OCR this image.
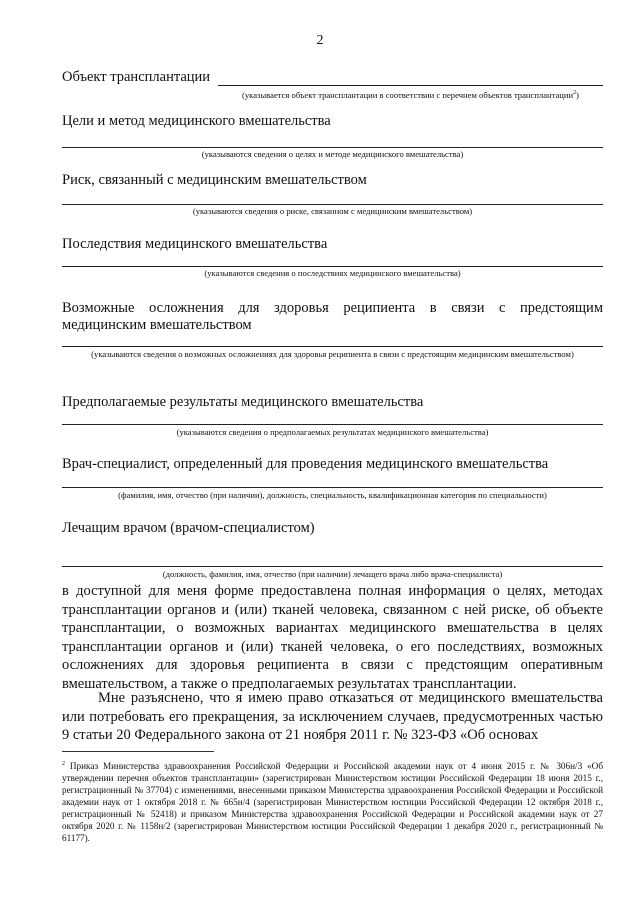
2
Объект трансплантации
(указывается объект трансплантации в соответствии с перечнем объектов трансплантации$^2$)
Цели и метод медицинского вмешательства
(указываются сведения о целях и методе медицинского вмешательства)
Риск, связанный с медицинским вмешательством
(указываются сведения о риске, связанном с медицинским вмешательством)
Последствия медицинского вмешательства
(указываются сведения о последствиях медицинского вмешательства)
Возможные осложнения для здоровья реципиента в связи с предстоящим медицинским вмешательством
(указываются сведения о возможных осложнениях для здоровья реципиента в связи с предстоящим медицинским вмешательством)
Предполагаемые результаты медицинского вмешательства
(указываются сведения о предполагаемых результатах медицинского вмешательства)
Врач-специалист, определенный для проведения медицинского вмешательства
(фамилия, имя, отчество (при наличии), должность, специальность, квалификационная категория по специальности)
Лечащим врачом (врачом-специалистом)
(должность, фамилия, имя, отчество (при наличии) лечащего врача либо врача-специалиста)
в доступной для меня форме предоставлена полная информация о целях, методах трансплантации органов и (или) тканей человека, связанном с ней риске, об объекте трансплантации, о возможных вариантах медицинского вмешательства в целях трансплантации органов и (или) тканей человека, о его последствиях, возможных осложнениях для здоровья реципиента в связи с предстоящим оперативным вмешательством, а также о предполагаемых результатах трансплантации.
Мне разъяснено, что я имею право отказаться от медицинского вмешательства или потребовать его прекращения, за исключением случаев, предусмотренных частью 9 статьи 20 Федерального закона от 21 ноября 2011 г. № 323-ФЗ «Об основах
$^2$ Приказ Министерства здравоохранения Российской Федерации и Российской академии наук от 4 июня 2015 г. № 306н/3 «Об утверждении перечня объектов трансплантации» (зарегистрирован Министерством юстиции Российской Федерации 18 июня 2015 г., регистрационный № 37704) с изменениями, внесенными приказом Министерства здравоохранения Российской Федерации и Российской академии наук от 1 октября 2018 г. № 665н/4 (зарегистрирован Министерством юстиции Российской Федерации 12 октября 2018 г., регистрационный № 52418) и приказом Министерства здравоохранения Российской Федерации и Российской академии наук от 27 октября 2020 г. № 1158н/2 (зарегистрирован Министерством юстиции Российской Федерации 1 декабря 2020 г., регистрационный № 61177).
